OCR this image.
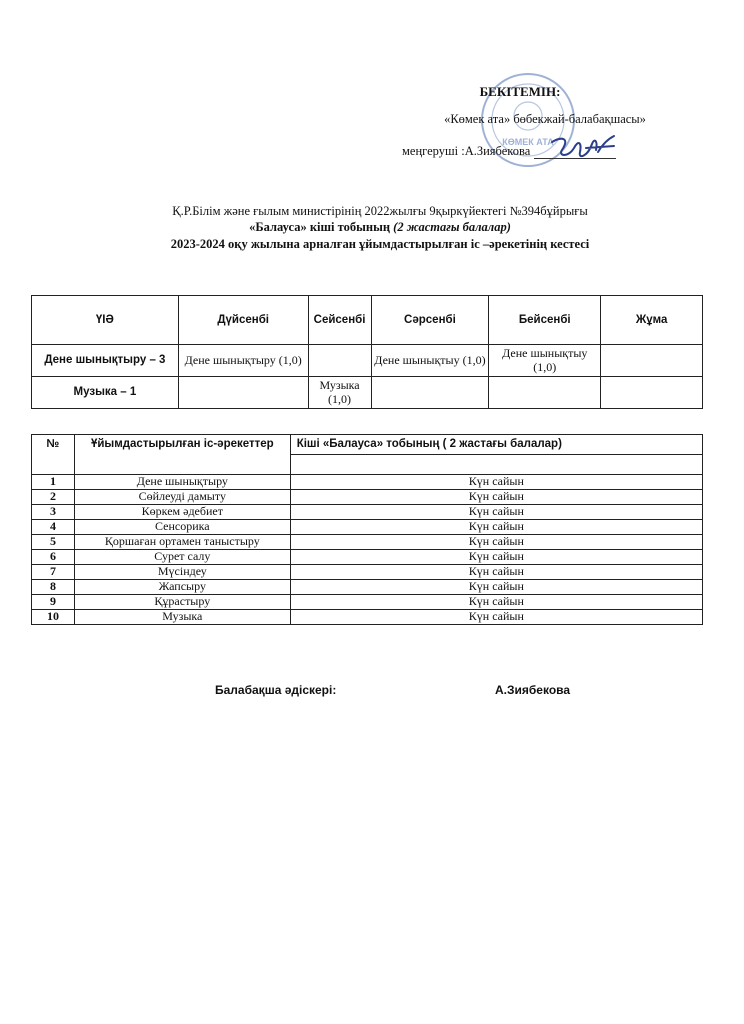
КӨМЕК АТА
БЕКІТЕМІН:
«Көмек ата» бөбекжай-балабақшасы»
меңгеруші :А.Зиябекова
Қ.Р.Білім және ғылым министірінің 2022жылғы 9қыркүйектегі №394бұйрығы
«Балауса» кіші тобының (2 жастағы балалар)
2023-2024 оқу жылына арналған ұйымдастырылған іс –әрекетінің кестесі
ҮІӘ	Дүйсенбі	Сейсенбі	Сәрсенбі	Бейсенбі	Жұма
Дене шынықтыру – 3	Дене шынықтыру (1,0)		Дене шынықтыу (1,0)	Дене шынықтыу (1,0)	
Музыка – 1		Музыка (1,0)			
№	Ұйымдастырылған іс-әрекеттер	Кіші «Балауса» тобының ( 2 жастағы балалар)

1	Дене шынықтыру	Күн сайын
2	Сөйлеуді дамыту	Күн сайын
3	Көркем әдебиет	Күн сайын
4	Сенсорика	Күн сайын
5	Қоршаған ортамен таныстыру	Күн сайын
6	Сурет салу	Күн сайын
7	Мүсіндеу	Күн сайын
8	Жапсыру	Күн сайын
9	Құрастыру	Күн сайын
10	Музыка	Күн сайын
Балабақша әдіскері:	А.Зиябекова
